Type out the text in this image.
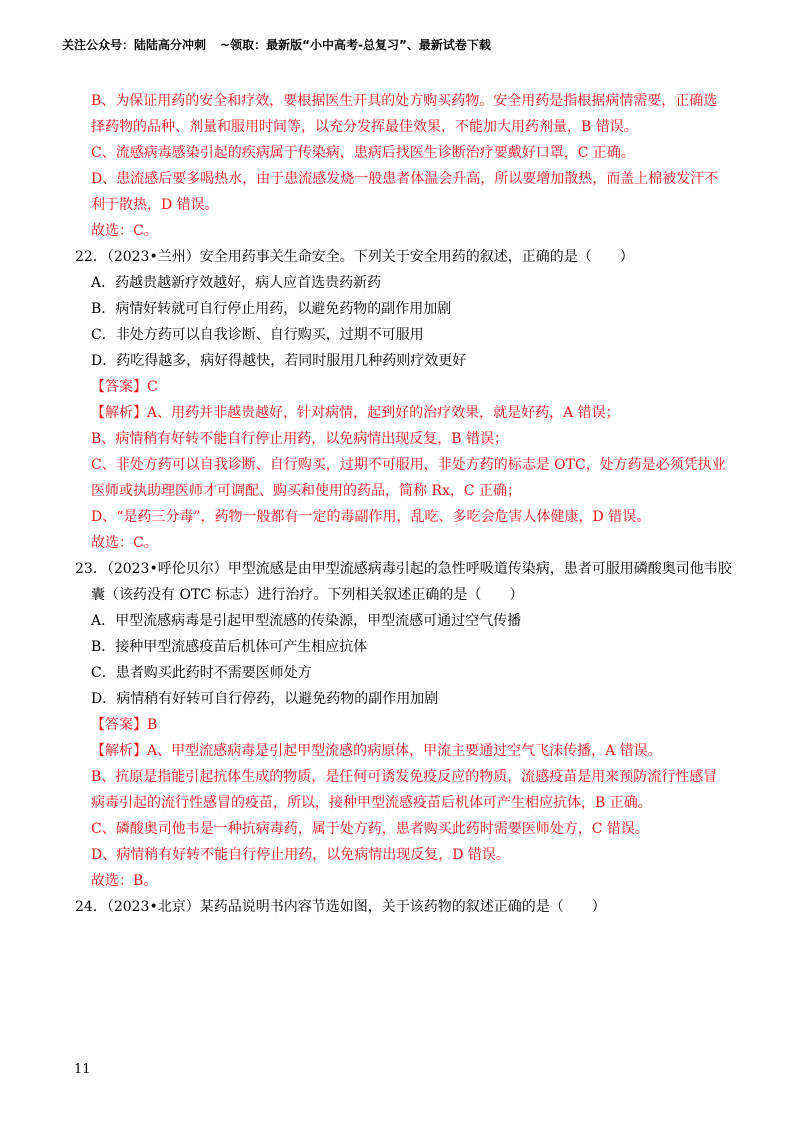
关注公众号：陆陆高分冲刺 ~领取：最新版“小中高考-总复习”、最新试卷下载

B、为保证用药的安全和疗效，要根据医生开具的处方购买药物。安全用药是指根据病情需要，正确选

择药物的品种、剂量和服用时间等，以充分发挥最佳效果，不能加大用药剂量，B 错误。

C、流感病毒感染引起的疾病属于传染病，患病后找医生诊断治疗要戴好口罩，C 正确。

D、患流感后要多喝热水，由于患流感发烧一般患者体温会升高，所以要增加散热，而盖上棉被发汗不

利于散热，D 错误。

故选：C。

22．（2023•兰州）安全用药事关生命安全。下列关于安全用药的叙述，正确的是（　　）

A．药越贵越新疗效越好，病人应首选贵药新药

B．病情好转就可自行停止用药，以避免药物的副作用加剧

C．非处方药可以自我诊断、自行购买，过期不可服用

D．药吃得越多，病好得越快，若同时服用几种药则疗效更好

【答案】C

【解析】A、用药并非越贵越好，针对病情，起到好的治疗效果，就是好药，A 错误；

B、病情稍有好转不能自行停止用药，以免病情出现反复，B 错误；

C、非处方药可以自我诊断、自行购买，过期不可服用，非处方药的标志是 OTC，处方药是必须凭执业

医师或执助理医师才可调配、购买和使用的药品，简称 Rx，C 正确；

D、“是药三分毒”，药物一般都有一定的毒副作用，乱吃、多吃会危害人体健康，D 错误。

故选：C。

23．（2023•呼伦贝尔）甲型流感是由甲型流感病毒引起的急性呼吸道传染病，患者可服用磷酸奥司他韦胶

囊（该药没有 OTC 标志）进行治疗。下列相关叙述正确的是（　　）

A．甲型流感病毒是引起甲型流感的传染源，甲型流感可通过空气传播

B．接种甲型流感疫苗后机体可产生相应抗体

C．患者购买此药时不需要医师处方

D．病情稍有好转可自行停药，以避免药物的副作用加剧

【答案】B

【解析】A、甲型流感病毒是引起甲型流感的病原体，甲流主要通过空气飞沫传播，A 错误。

B、抗原是指能引起抗体生成的物质，是任何可诱发免疫反应的物质，流感疫苗是用来预防流行性感冒

病毒引起的流行性感冒的疫苗，所以，接种甲型流感疫苗后机体可产生相应抗体，B 正确。

C、磷酸奥司他韦是一种抗病毒药，属于处方药，患者购买此药时需要医师处方，C 错误。

D、病情稍有好转不能自行停止用药，以免病情出现反复，D 错误。

故选：B。

24．（2023•北京）某药品说明书内容节选如图，关于该药物的叙述正确的是（　　）

11
